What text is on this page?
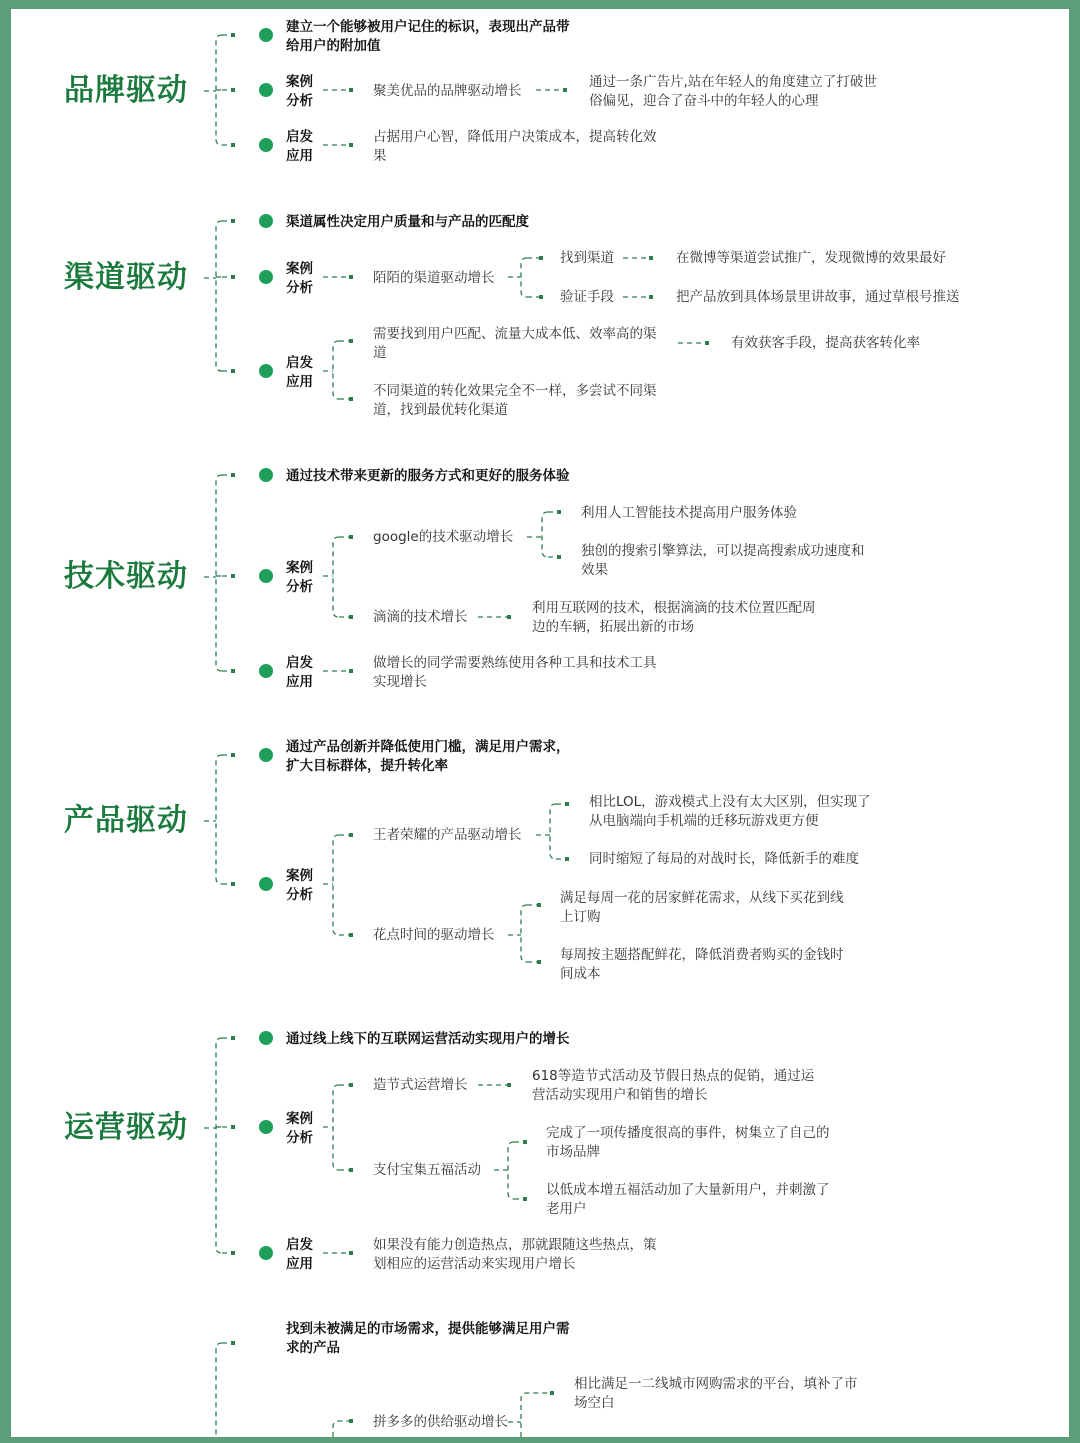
品牌驱动
建立一个能够被用户记住的标识，表现出产品带
给用户的附加值
案例
分析
聚美优品的品牌驱动增长
通过一条广告片,站在年轻人的角度建立了打破世
俗偏见，迎合了奋斗中的年轻人的心理
启发
应用
占据用户心智，降低用户决策成本，提高转化效
果
渠道驱动
渠道属性决定用户质量和与产品的匹配度
案例
分析
陌陌的渠道驱动增长
找到渠道	在微博等渠道尝试推广，发现微博的效果最好
验证手段	把产品放到具体场景里讲故事，通过草根号推送
启发
应用
需要找到用户匹配、流量大成本低、效率高的渠
道
不同渠道的转化效果完全不一样，多尝试不同渠
道，找到最优转化渠道
有效获客手段，提高获客转化率
技术驱动
通过技术带来更新的服务方式和更好的服务体验
案例
分析
google的技术驱动增长
利用人工智能技术提高用户服务体验
独创的搜索引擎算法，可以提高搜索成功速度和
效果
滴滴的技术增长
利用互联网的技术，根据滴滴的技术位置匹配周
边的车辆，拓展出新的市场
启发
应用
做增长的同学需要熟练使用各种工具和技术工具
实现增长
产品驱动
通过产品创新并降低使用门槛，满足用户需求，
扩大目标群体，提升转化率
案例
分析
王者荣耀的产品驱动增长
相比LOL，游戏模式上没有太大区别，但实现了
从电脑端向手机端的迁移玩游戏更方便
同时缩短了每局的对战时长，降低新手的难度
花点时间的驱动增长
满足每周一花的居家鲜花需求，从线下买花到线
上订购
每周按主题搭配鲜花，降低消费者购买的金钱时
间成本
运营驱动
通过线上线下的互联网运营活动实现用户的增长
案例
分析
造节式运营增长
618等造节式活动及节假日热点的促销，通过运
营活动实现用户和销售的增长
支付宝集五福活动
完成了一项传播度很高的事件，树集立了自己的
市场品牌
以低成本增五福活动加了大量新用户，并刺激了
老用户
启发
应用
如果没有能力创造热点，那就跟随这些热点，策
划相应的运营活动来实现用户增长
找到未被满足的市场需求，提供能够满足用户需
求的产品
相比满足一二线城市网购需求的平台，填补了市
场空白
拼多多的供给驱动增长
